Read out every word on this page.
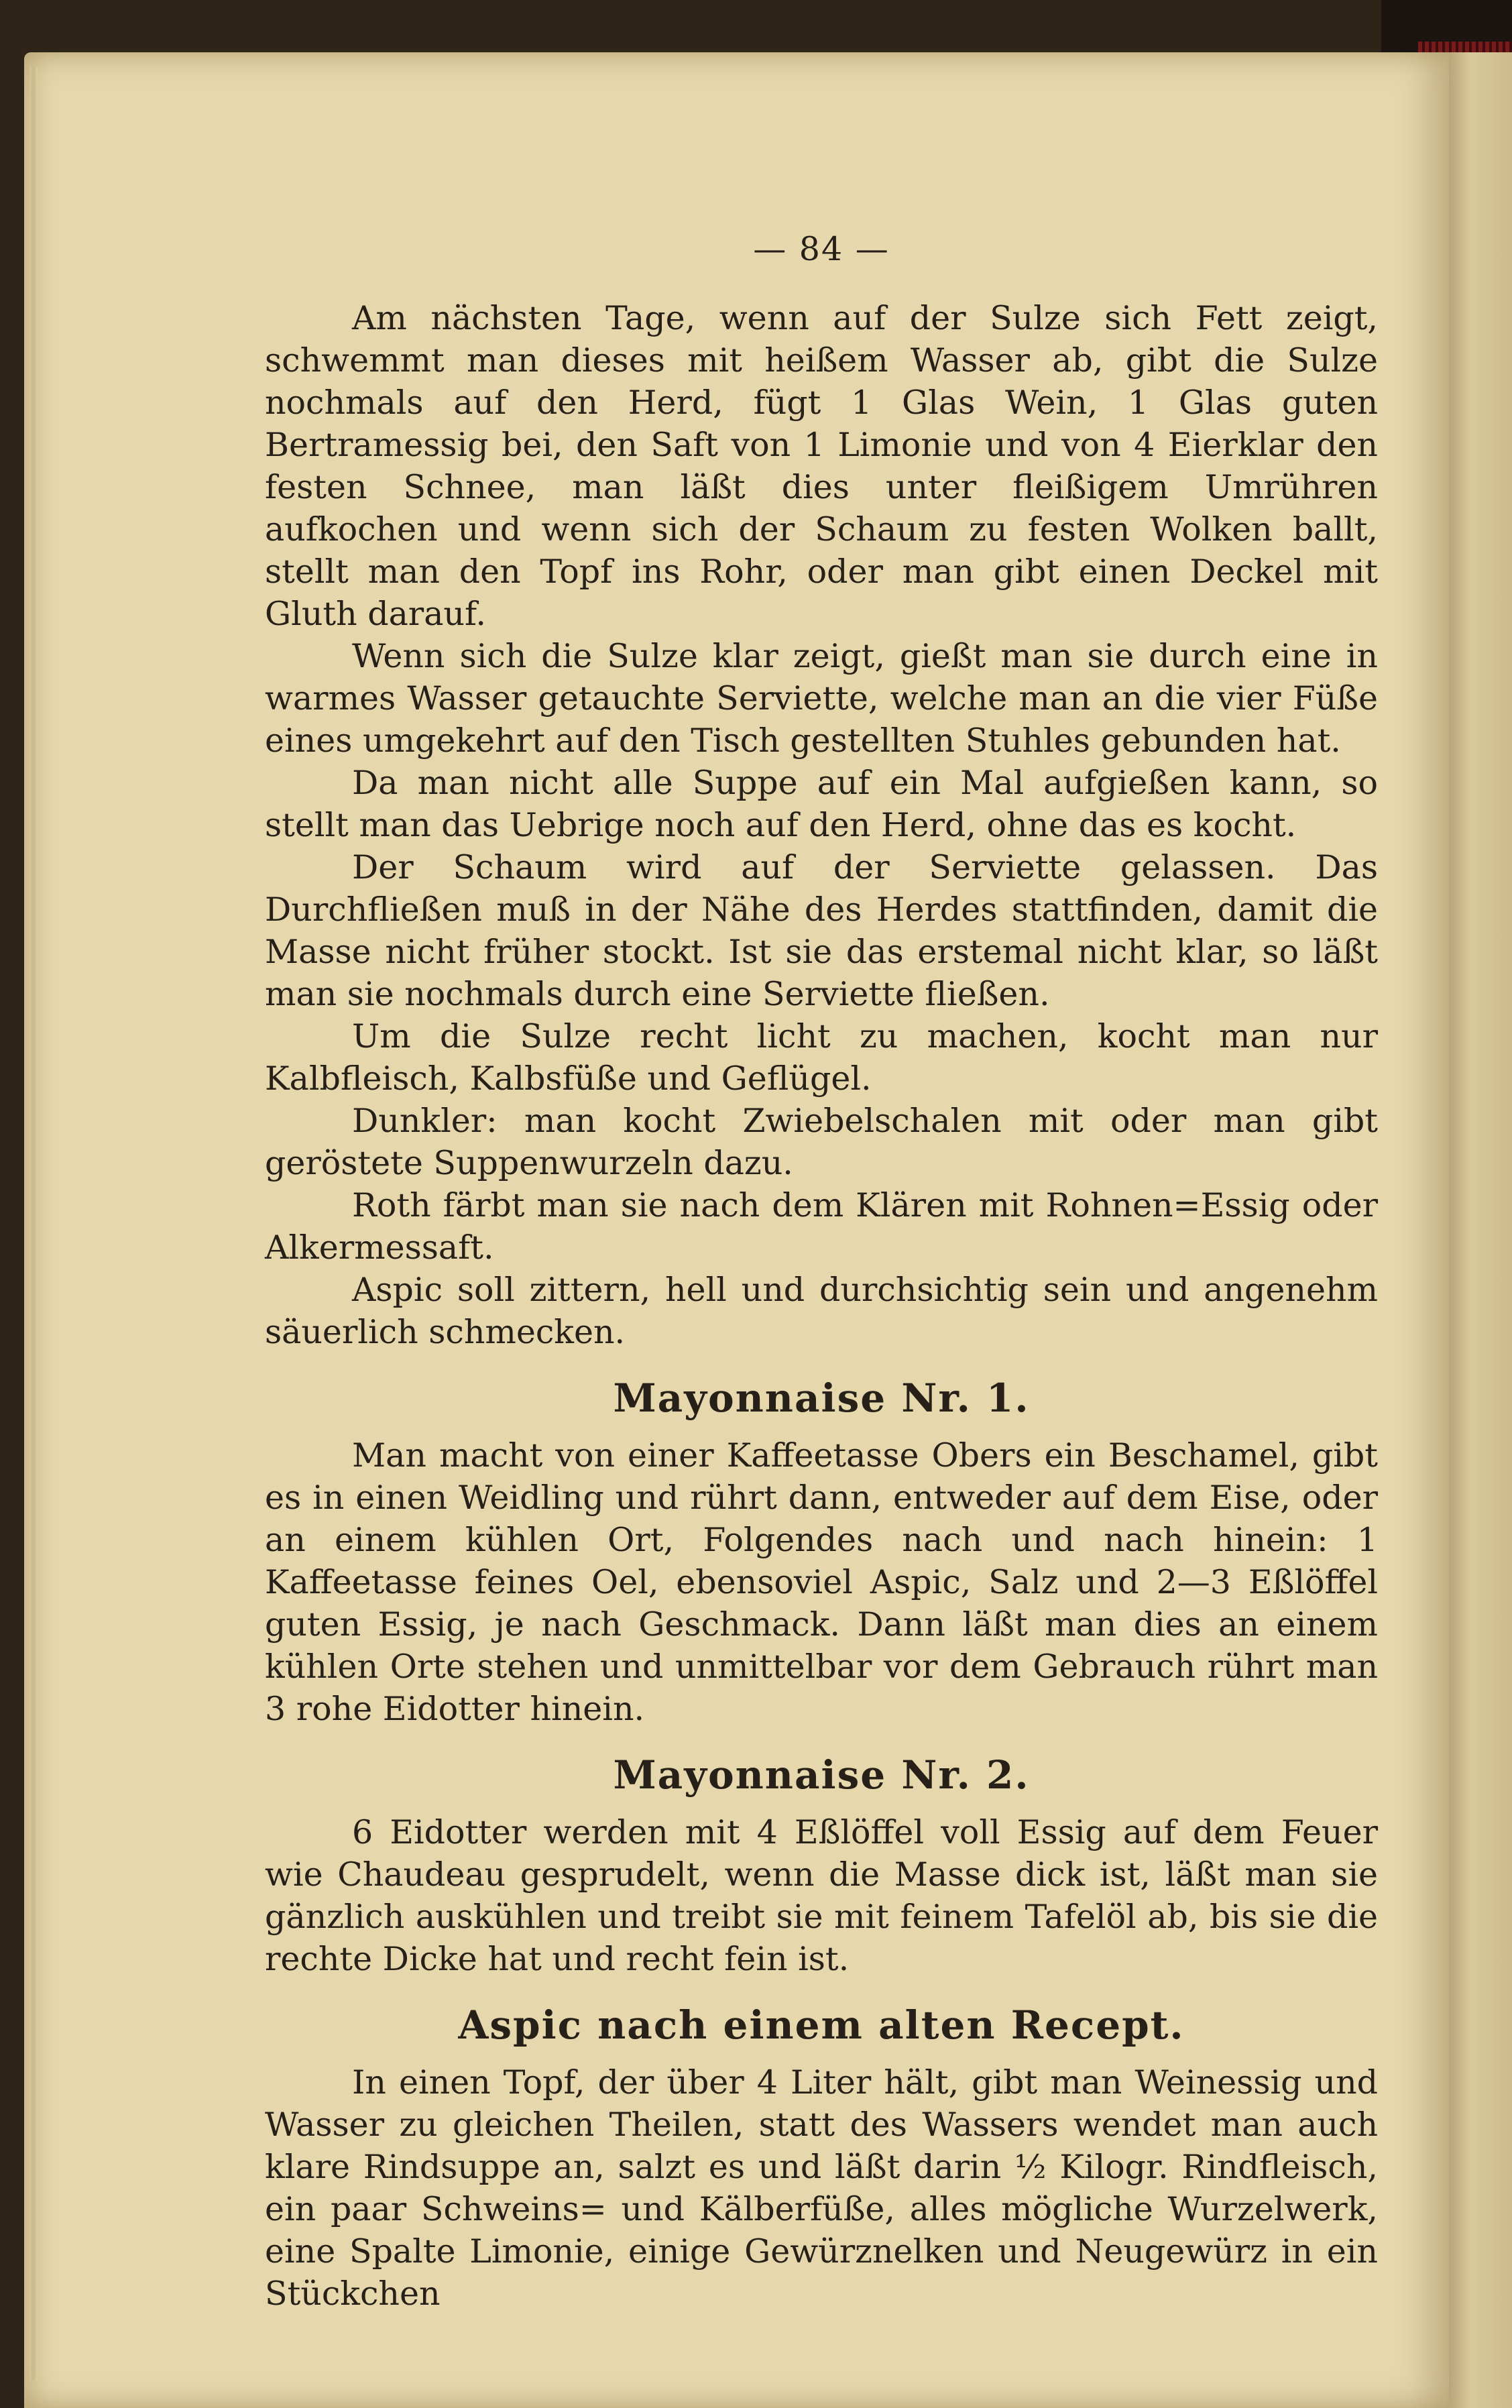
— 84 —

Am nächsten Tage, wenn auf der Sulze sich Fett zeigt, schwemmt man dieses mit heißem Wasser ab, gibt die Sulze nochmals auf den Herd, fügt 1 Glas Wein, 1 Glas guten Bertramessig bei, den Saft von 1 Limonie und von 4 Eierklar den festen Schnee, man läßt dies unter fleißigem Umrühren aufkochen und wenn sich der Schaum zu festen Wolken ballt, stellt man den Topf ins Rohr, oder man gibt einen Deckel mit Gluth darauf.

Wenn sich die Sulze klar zeigt, gießt man sie durch eine in warmes Wasser getauchte Serviette, welche man an die vier Füße eines umgekehrt auf den Tisch gestellten Stuhles gebunden hat.

Da man nicht alle Suppe auf ein Mal aufgießen kann, so stellt man das Uebrige noch auf den Herd, ohne das es kocht.

Der Schaum wird auf der Serviette gelassen. Das Durchfließen muß in der Nähe des Herdes stattfinden, damit die Masse nicht früher stockt. Ist sie das erstemal nicht klar, so läßt man sie nochmals durch eine Serviette fließen.

Um die Sulze recht licht zu machen, kocht man nur Kalbfleisch, Kalbsfüße und Geflügel.

Dunkler: man kocht Zwiebelschalen mit oder man gibt geröstete Suppenwurzeln dazu.

Roth färbt man sie nach dem Klären mit Rohnen=Essig oder Alkermessaft.

Aspic soll zittern, hell und durchsichtig sein und angenehm säuerlich schmecken.

Mayonnaise Nr. 1.

Man macht von einer Kaffeetasse Obers ein Beschamel, gibt es in einen Weidling und rührt dann, entweder auf dem Eise, oder an einem kühlen Ort, Folgendes nach und nach hinein: 1 Kaffeetasse feines Oel, ebensoviel Aspic, Salz und 2—3 Eßlöffel guten Essig, je nach Geschmack. Dann läßt man dies an einem kühlen Orte stehen und unmittelbar vor dem Gebrauch rührt man 3 rohe Eidotter hinein.

Mayonnaise Nr. 2.

6 Eidotter werden mit 4 Eßlöffel voll Essig auf dem Feuer wie Chaudeau gesprudelt, wenn die Masse dick ist, läßt man sie gänzlich auskühlen und treibt sie mit feinem Tafelöl ab, bis sie die rechte Dicke hat und recht fein ist.

Aspic nach einem alten Recept.

In einen Topf, der über 4 Liter hält, gibt man Weinessig und Wasser zu gleichen Theilen, statt des Wassers wendet man auch klare Rindsuppe an, salzt es und läßt darin ½ Kilogr. Rindfleisch, ein paar Schweins= und Kälberfüße, alles mögliche Wurzelwerk, eine Spalte Limonie, einige Gewürznelken und Neugewürz in ein Stückchen
